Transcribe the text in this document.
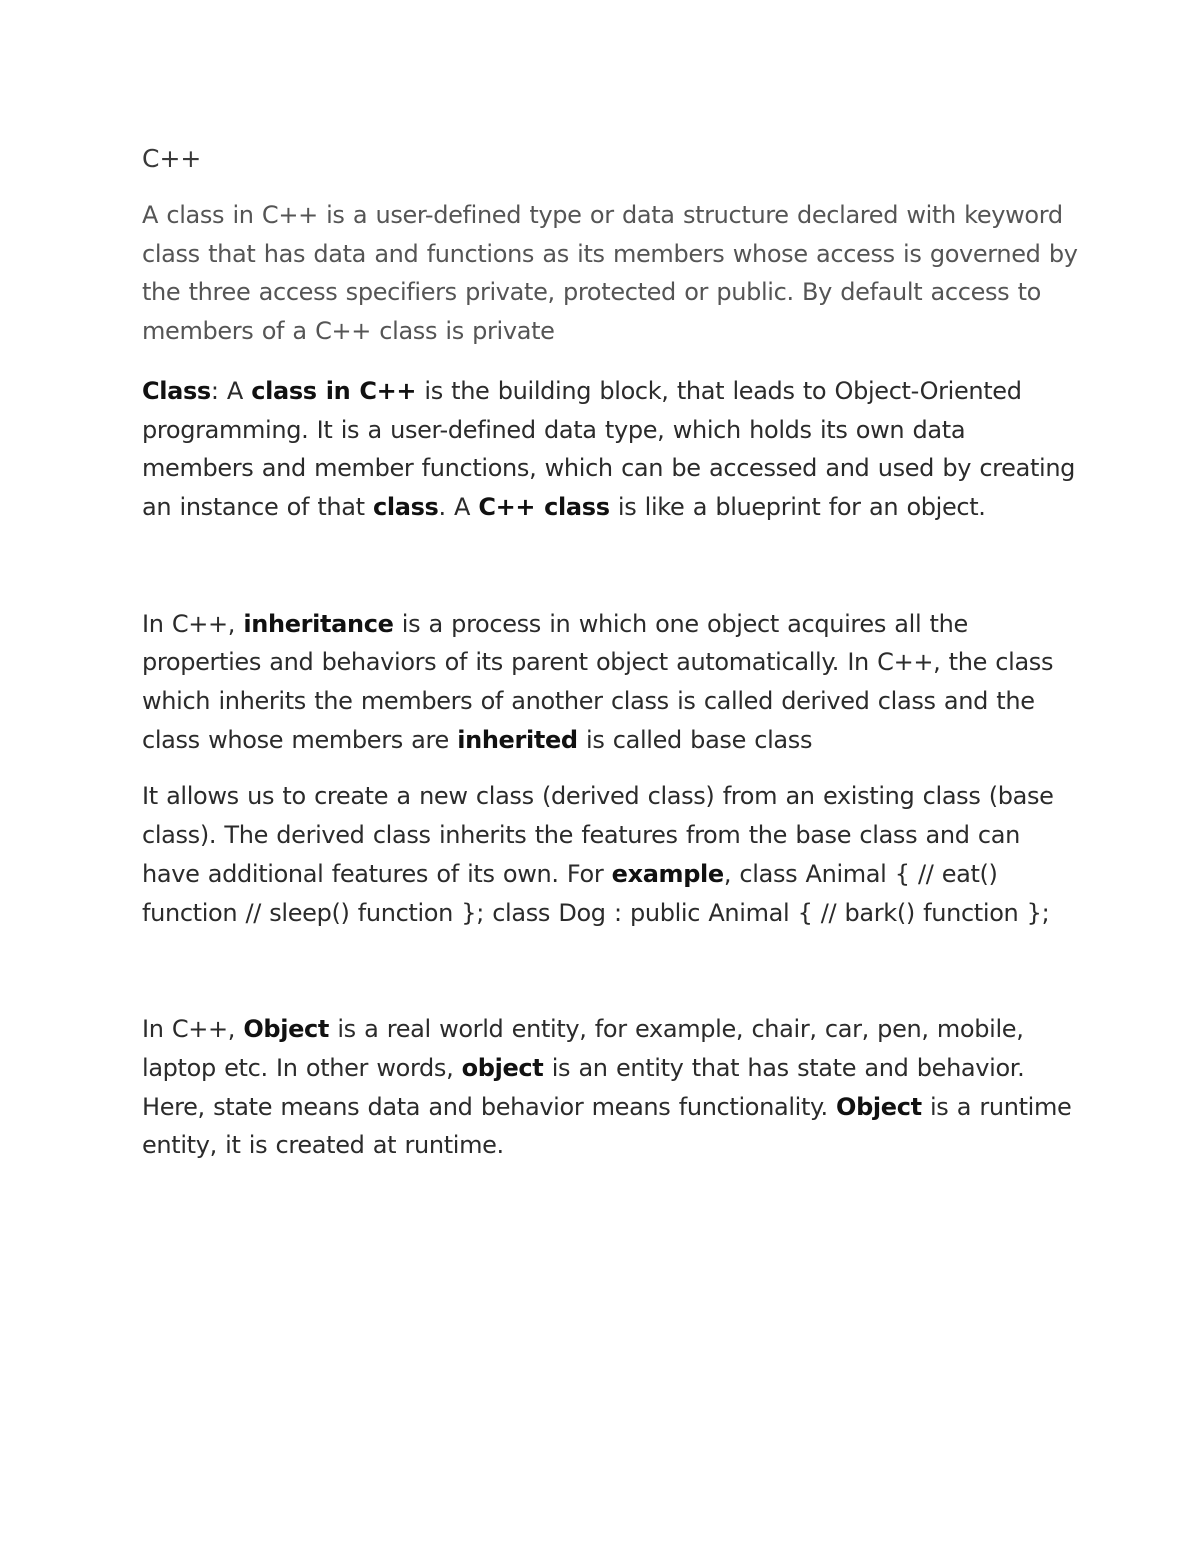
C++

A class in C++ is a user-defined type or data structure declared with keyword class that has data and functions as its members whose access is governed by the three access specifiers private, protected or public. By default access to members of a C++ class is private

Class: A class in C++ is the building block, that leads to Object-Oriented programming. It is a user-defined data type, which holds its own data members and member functions, which can be accessed and used by creating an instance of that class. A C++ class is like a blueprint for an object.

In C++, inheritance is a process in which one object acquires all the properties and behaviors of its parent object automatically. In C++, the class which inherits the members of another class is called derived class and the class whose members are inherited is called base class

It allows us to create a new class (derived class) from an existing class (base class). The derived class inherits the features from the base class and can have additional features of its own. For example, class Animal { // eat() function // sleep() function }; class Dog : public Animal { // bark() function };

In C++, Object is a real world entity, for example, chair, car, pen, mobile, laptop etc. In other words, object is an entity that has state and behavior. Here, state means data and behavior means functionality. Object is a runtime entity, it is created at runtime.
